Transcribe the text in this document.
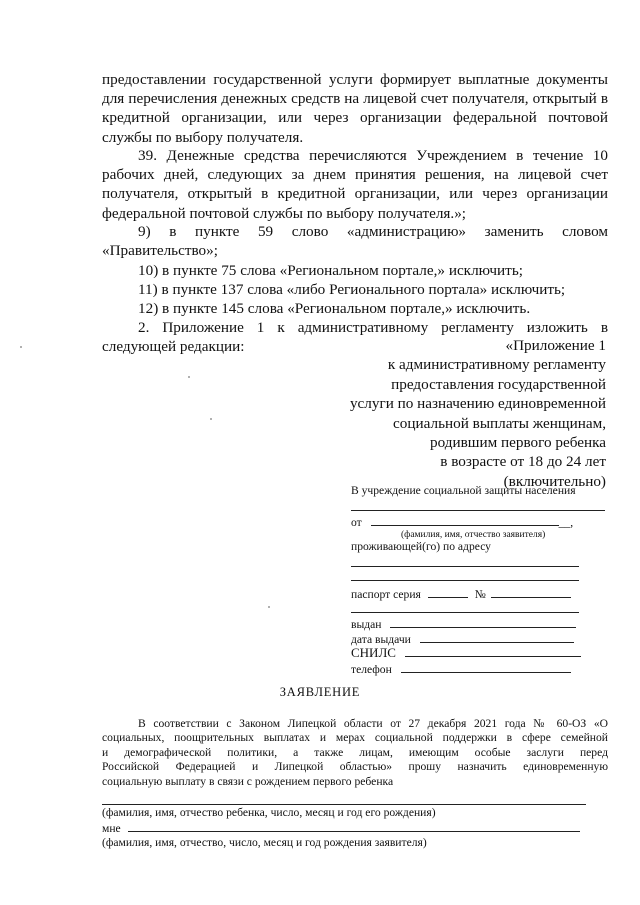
предоставлении государственной услуги формирует выплатные документы

для перечисления денежных средств на лицевой счет получателя, открытый в

кредитной организации, или через организации федеральной почтовой

службы по выбору получателя.

39. Денежные средства перечисляются Учреждением в течение 10

рабочих дней, следующих за днем принятия решения, на лицевой счет

получателя, открытый в кредитной организации, или через организации

федеральной почтовой службы по выбору получателя.»;

9) в пункте 59 слово «администрацию» заменить словом

«Правительство»;

10) в пункте 75 слова «Региональном портале,» исключить;

11) в пункте 137 слова «либо Регионального портала» исключить;

12) в пункте 145 слова «Региональном портале,» исключить.

2. Приложение 1 к административному регламенту изложить в

следующей редакции:	«Приложение 1

к административному регламенту

предоставления государственной

услуги по назначению единовременной

социальной выплаты женщинам,

родившим первого ребенка

в возрасте от 18 до 24 лет

(включительно)

В учреждение социальной защиты населения
от	__,
(фамилия, имя, отчество заявителя)
проживающей(го) по адресу
паспорт серия	№
выдан
дата выдачи
СНИЛС
телефон
ЗАЯВЛЕНИЕ

В соответствии с Законом Липецкой области от 27 декабря 2021 года № 60-ОЗ «О

социальных, поощрительных выплатах и мерах социальной поддержки в сфере семейной

и демографической политики, а также лицам, имеющим особые заслуги перед

Российской Федерацией и Липецкой областью» прошу назначить единовременную

социальную выплату в связи с рождением первого ребенка

(фамилия, имя, отчество ребенка, число, месяц и год его рождения)
мне
(фамилия, имя, отчество, число, месяц и год рождения заявителя)
